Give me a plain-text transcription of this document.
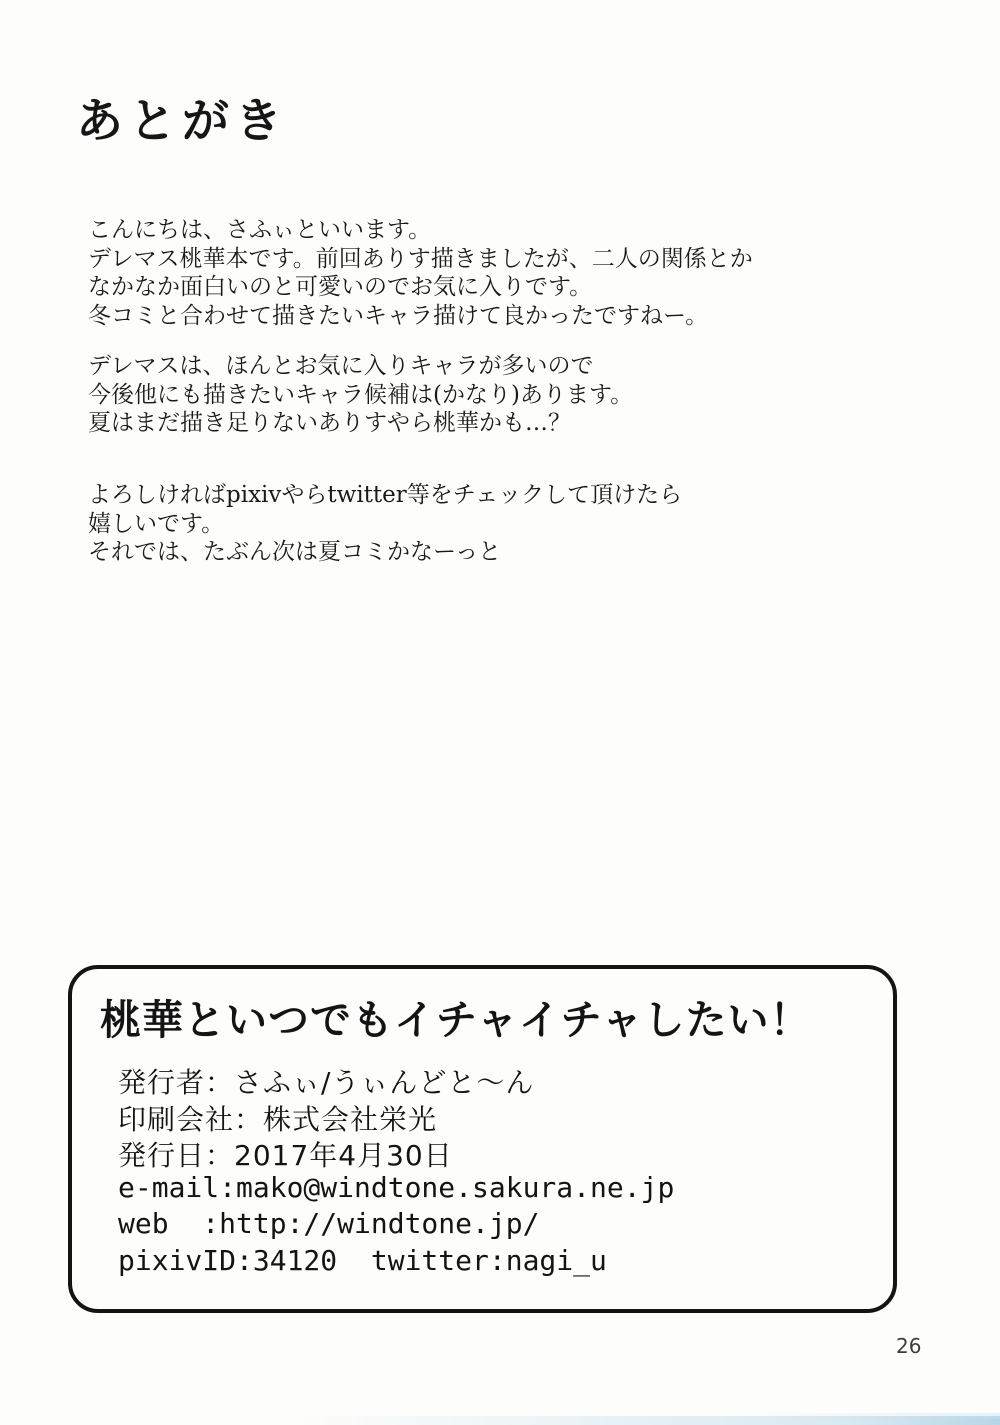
あとがき
こんにちは、さふぃといいます。
デレマス桃華本です。前回ありす描きましたが、二人の関係とか
なかなか面白いのと可愛いのでお気に入りです。
冬コミと合わせて描きたいキャラ描けて良かったですねー。
デレマスは、ほんとお気に入りキャラが多いので
今後他にも描きたいキャラ候補は(かなり)あります。
夏はまだ描き足りないありすやら桃華かも…？
よろしければpixivやらtwitter等をチェックして頂けたら
嬉しいです。
それでは、たぶん次は夏コミかなーっと
桃華といつでもイチャイチャしたい！
発行者：さふぃ/うぃんどと～ん
印刷会社：株式会社栄光
発行日：2017年4月30日
e-mail:mako@windtone.sakura.ne.jp
web  :http://windtone.jp/
pixivID:34120  twitter:nagi_u
26
